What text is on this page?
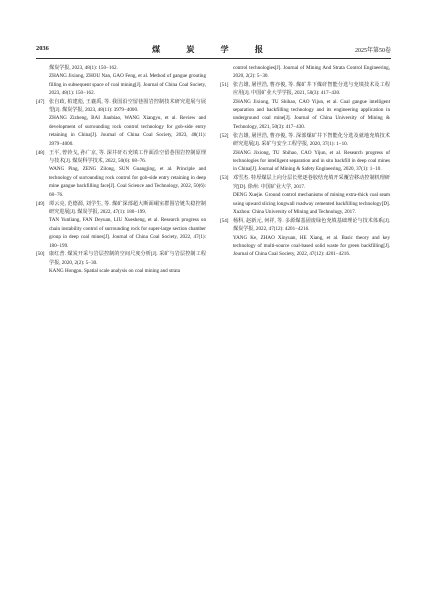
2036	煤 炭 学 报	2025年第50卷

煤炭学报, 2023, 48(1): 150−162.

ZHANG Jixiong, ZHOU Nan, GAO Feng, et al. Method of gangue grouting filling in subsequent space of coal mining[J]. Journal of China Coal Society, 2023, 48(1): 150−162.

[47] 张自政, 柏建彪, 王襄禹, 等. 我国沿空留巷围岩控制技术研究进展与展望[J]. 煤炭学报, 2023, 48(11): 3979−4000.

ZHANG Zizheng, BAI Jianbiao, WANG Xiangyu, et al. Review and development of surrounding rock control technology for gob-side entry retaining in China[J]. Journal of China Coal Society, 2023, 48(11): 3979−4000.

[48] 王平, 曾铃戈, 孙广京, 等. 深井矸石充填工作面沿空留巷围岩控制原理与技术[J]. 煤炭科学技术, 2022, 50(6): 68−76.

WANG Ping, ZENG Zilong, SUN Guangjing, et al. Principle and technology of surrounding rock control for gob-side entry retaining in deep mine gangue backfilling face[J]. Coal Science and Technology, 2022, 50(6): 68−76.

[49] 谭云亮, 范德源, 刘学生, 等. 煤矿深部超大断面硐室群围岩链失稳控制研究进展[J]. 煤炭学报, 2022, 47(1): 180−199.

TAN Yunliang, FAN Deyuan, LIU Xuesheng, et al. Research progress on chain instability control of surrounding rock for super-large section chamber group in deep coal mines[J]. Journal of China Coal Society, 2022, 47(1): 180−199.

[50] 康红普. 煤炭开采与岩层控制的空间尺度分析[J]. 采矿与岩层控制工程学报, 2020, 2(2): 5−30.

KANG Hongpu. Spatial scale analysis on coal mining and strata

control technologies[J]. Journal of Mining And Strata Control Engineering, 2020, 2(2): 5−30.

[51] 张吉雄, 屠世浩, 曹亦俊, 等. 煤矿井下煤矸智能分选与充填技术及工程应用[J]. 中国矿业大学学报, 2021, 50(3): 417−430.

ZHANG Jixiong, TU Shihao, CAO Yijun, et al. Coal gangue intelligent separation and backfilling technology and its engineering application in underground coal mine[J]. Journal of China University of Mining & Technology, 2021, 50(3): 417−430.

[52] 张吉雄, 屠世浩, 曹亦俊, 等. 深部煤矿井下智能化分选及就地充填技术研究进展[J]. 采矿与安全工程学报, 2020, 37(1): 1−10.

ZHANG Jixiong, TU Shihao, CAO Yijun, et al. Research progress of technologies for intelligent separation and in situ backfill in deep coal mines in China[J]. Journal of Mining & Safety Engineering, 2020, 37(1): 1−10.

[53] 邓雪杰. 特厚煤层上向分层长壁逐巷胶结充填开采覆岩移动控制机理研究[D]. 徐州: 中国矿业大学, 2017.

DENG Xuejie. Ground control mechanisms of mining extra-thick coal seam using upward slicing longwall roadway cemented backfilling technology[D]. Xuzhou: China University of Mining and Technology, 2017.

[54] 杨科, 赵新元, 何祥, 等. 多源煤基固废绿色充填基础理论与技术体系[J]. 煤炭学报, 2022, 47(12): 4201−4216.

YANG Ke, ZHAO Xinyuan, HE Xiang, et al. Basic theory and key technology of multi-source coal-based solid waste for green backfilling[J]. Journal of China Coal Society, 2022, 47(12): 4201−4216.
